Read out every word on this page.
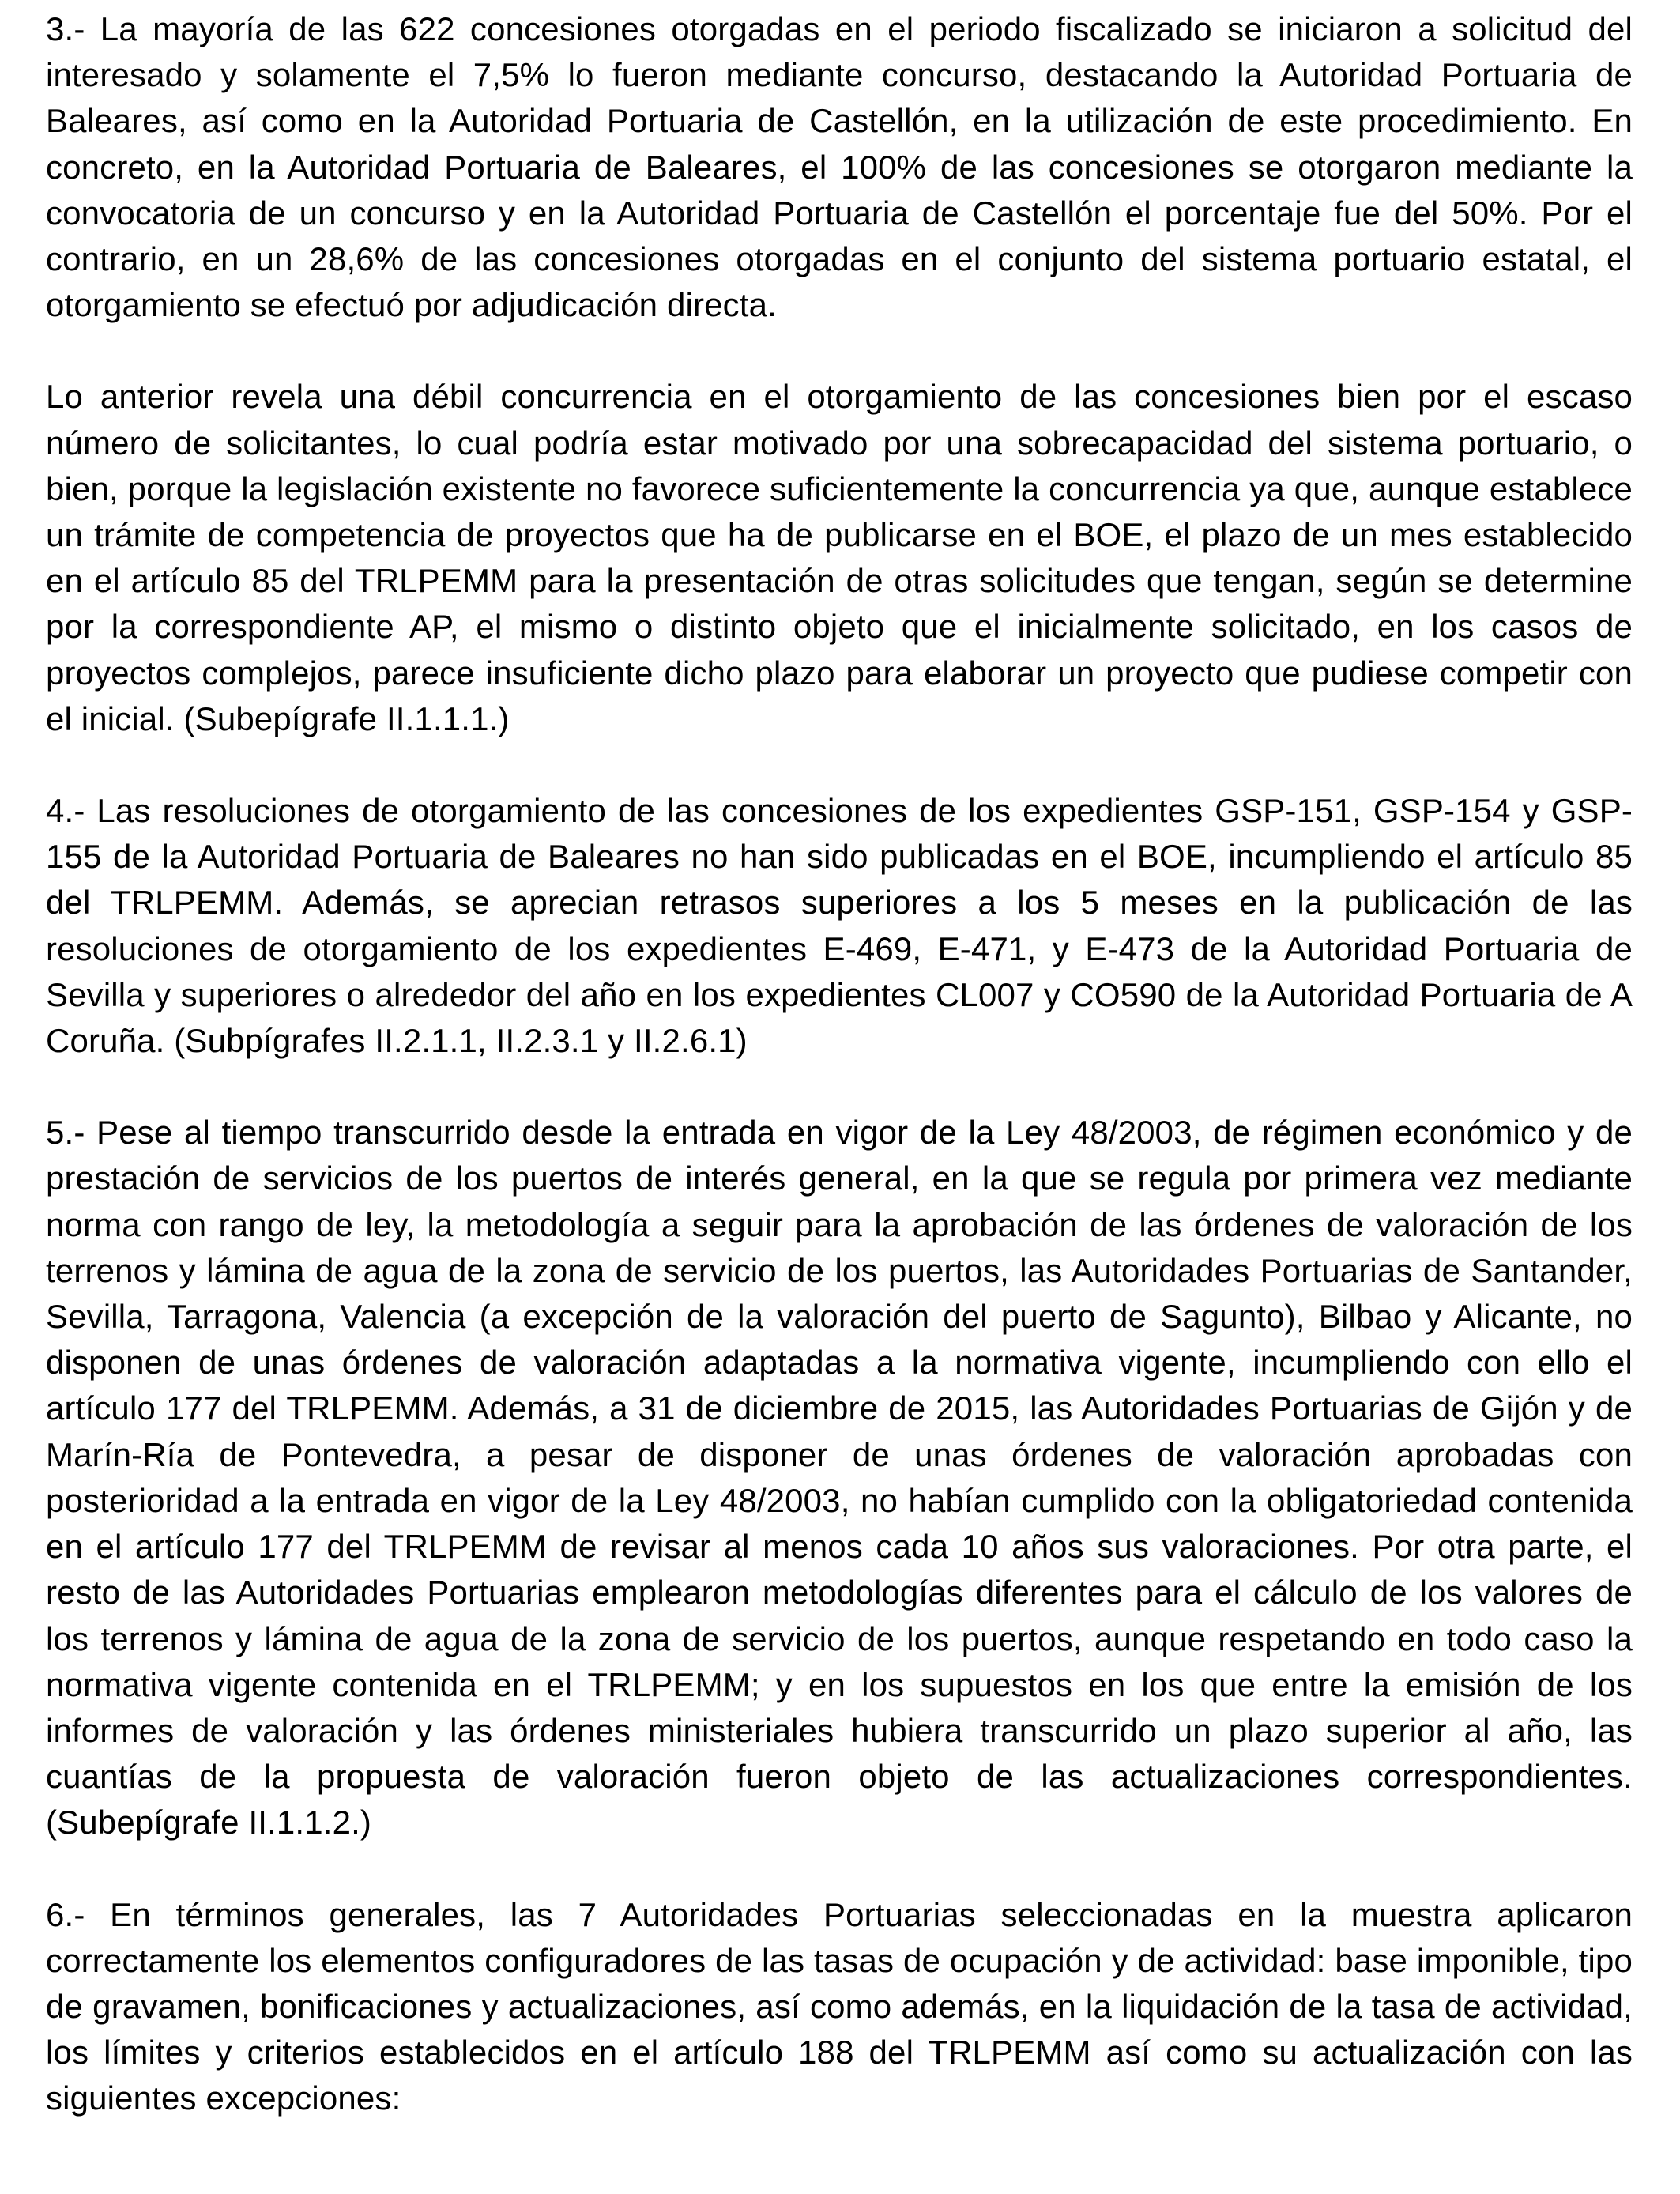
3.- La mayoría de las 622 concesiones otorgadas en el periodo fiscalizado se iniciaron a solicitud del interesado y solamente el 7,5% lo fueron mediante concurso, destacando la Autoridad Portuaria de Baleares, así como en la Autoridad Portuaria de Castellón, en la utilización de este procedimiento. En concreto, en la Autoridad Portuaria de Baleares, el 100% de las concesiones se otorgaron mediante la convocatoria de un concurso y en la Autoridad Portuaria de Castellón el porcentaje fue del 50%. Por el contrario, en un 28,6% de las concesiones otorgadas en el conjunto del sistema portuario estatal, el otorgamiento se efectuó por adjudicación directa.

Lo anterior revela una débil concurrencia en el otorgamiento de las concesiones bien por el escaso número de solicitantes, lo cual podría estar motivado por una sobrecapacidad del sistema portuario, o bien, porque la legislación existente no favorece suficientemente la concurrencia ya que, aunque establece un trámite de competencia de proyectos que ha de publicarse en el BOE, el plazo de un mes establecido en el artículo 85 del TRLPEMM para la presentación de otras solicitudes que tengan, según se determine por la correspondiente AP, el mismo o distinto objeto que el inicialmente solicitado, en los casos de proyectos complejos, parece insuficiente dicho plazo para elaborar un proyecto que pudiese competir con el inicial. (Subepígrafe II.1.1.1.)

4.- Las resoluciones de otorgamiento de las concesiones de los expedientes GSP-151, GSP-154 y GSP-155 de la Autoridad Portuaria de Baleares no han sido publicadas en el BOE, incumpliendo el artículo 85 del TRLPEMM. Además, se aprecian retrasos superiores a los 5 meses en la publicación de las resoluciones de otorgamiento de los expedientes E-469, E-471, y E-473 de la Autoridad Portuaria de Sevilla y superiores o alrededor del año en los expedientes CL007 y CO590 de la Autoridad Portuaria de A Coruña. (Subpígrafes II.2.1.1, II.2.3.1 y II.2.6.1)

5.- Pese al tiempo transcurrido desde la entrada en vigor de la Ley 48/2003, de régimen económico y de prestación de servicios de los puertos de interés general, en la que se regula por primera vez mediante norma con rango de ley, la metodología a seguir para la aprobación de las órdenes de valoración de los terrenos y lámina de agua de la zona de servicio de los puertos, las Autoridades Portuarias de Santander, Sevilla, Tarragona, Valencia (a excepción de la valoración del puerto de Sagunto), Bilbao y Alicante, no disponen de unas órdenes de valoración adaptadas a la normativa vigente, incumpliendo con ello el artículo 177 del TRLPEMM. Además, a 31 de diciembre de 2015, las Autoridades Portuarias de Gijón y de Marín-Ría de Pontevedra, a pesar de disponer de unas órdenes de valoración aprobadas con posterioridad a la entrada en vigor de la Ley 48/2003, no habían cumplido con la obligatoriedad contenida en el artículo 177 del TRLPEMM de revisar al menos cada 10 años sus valoraciones. Por otra parte, el resto de las Autoridades Portuarias emplearon metodologías diferentes para el cálculo de los valores de los terrenos y lámina de agua de la zona de servicio de los puertos, aunque respetando en todo caso la normativa vigente contenida en el TRLPEMM; y en los supuestos en los que entre la emisión de los informes de valoración y las órdenes ministeriales hubiera transcurrido un plazo superior al año, las cuantías de la propuesta de valoración fueron objeto de las actualizaciones correspondientes. (Subepígrafe II.1.1.2.)

6.- En términos generales, las 7 Autoridades Portuarias seleccionadas en la muestra aplicaron correctamente los elementos configuradores de las tasas de ocupación y de actividad: base imponible, tipo de gravamen, bonificaciones y actualizaciones, así como además, en la liquidación de la tasa de actividad, los límites y criterios establecidos en el artículo 188 del TRLPEMM así como su actualización con las siguientes excepciones:
